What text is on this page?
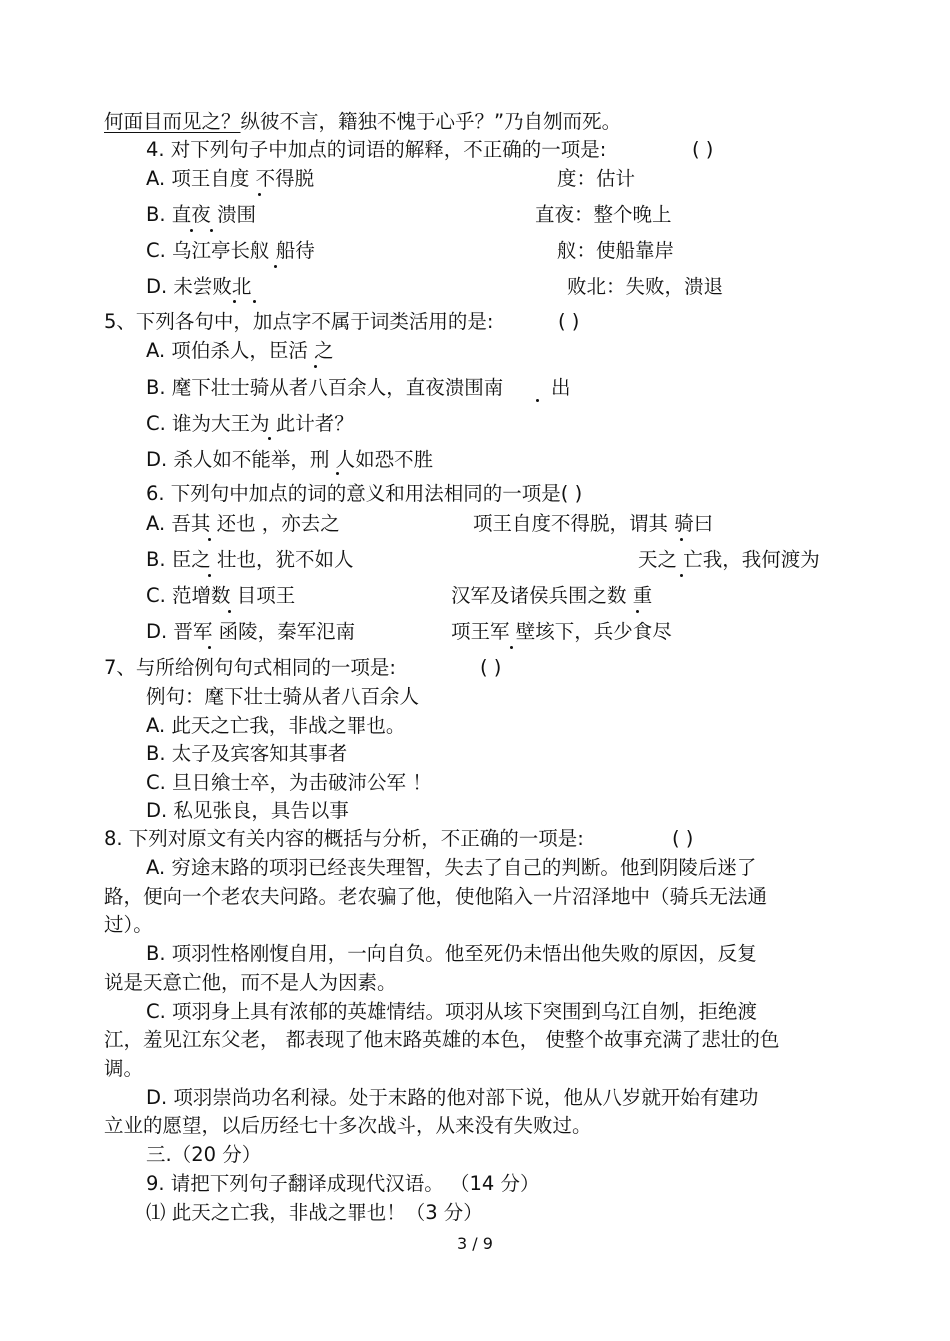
何面目而见之？纵彼不言，籍独不愧于心乎？”乃自刎而死。
4. 对下列句子中加点的词语的解释，不正确的一项是:	( )
A. 项王自度 不得脱	度：估计
B. 直夜 溃围	直夜：整个晚上
C. 乌江亭长舣 船待	舣：使船靠岸
D. 未尝败北	败北：失败，溃退
5、下列各句中，加点字不属于词类活用的是:	( )
A. 项伯杀人，臣活 之
B. 麾下壮士骑从者八百余人，直夜溃围南 出
C. 谁为大王为 此计者？
D. 杀人如不能举，刑 人如恐不胜
6. 下列句中加点的词的意义和用法相同的一项是( )
A. 吾其 还也 ，亦去之	项王自度不得脱，谓其 骑曰
B. 臣之 壮也，犹不如人	天之 亡我，我何渡为
C. 范增数 目项王	汉军及诸侯兵围之数 重
D. 晋军 函陵，秦军氾南	项王军 壁垓下，兵少食尽
7、与所给例句句式相同的一项是:	( )
例句：麾下壮士骑从者八百余人
A. 此天之亡我，非战之罪也。
B. 太子及宾客知其事者
C. 旦日飨士卒，为击破沛公军 ！
D. 私见张良，具告以事
8. 下列对原文有关内容的概括与分析，不正确的一项是:	( )
A. 穷途末路的项羽已经丧失理智，失去了自己的判断。他到阴陵后迷了
路，便向一个老农夫问路。老农骗了他，使他陷入一片沼泽地中（骑兵无法通
过）。
B. 项羽性格刚愎自用，一向自负。他至死仍未悟出他失败的原因，反复
说是天意亡他，而不是人为因素。
C. 项羽身上具有浓郁的英雄情结。项羽从垓下突围到乌江自刎，拒绝渡
江，羞见江东父老， 都表现了他末路英雄的本色， 使整个故事充满了悲壮的色
调。
D. 项羽崇尚功名利禄。处于末路的他对部下说，他从八岁就开始有建功
立业的愿望，以后历经七十多次战斗，从来没有失败过。
三.（20 分）
9. 请把下列句子翻译成现代汉语。 （14 分）
⑴ 此天之亡我，非战之罪也！（3 分）
3 / 9
